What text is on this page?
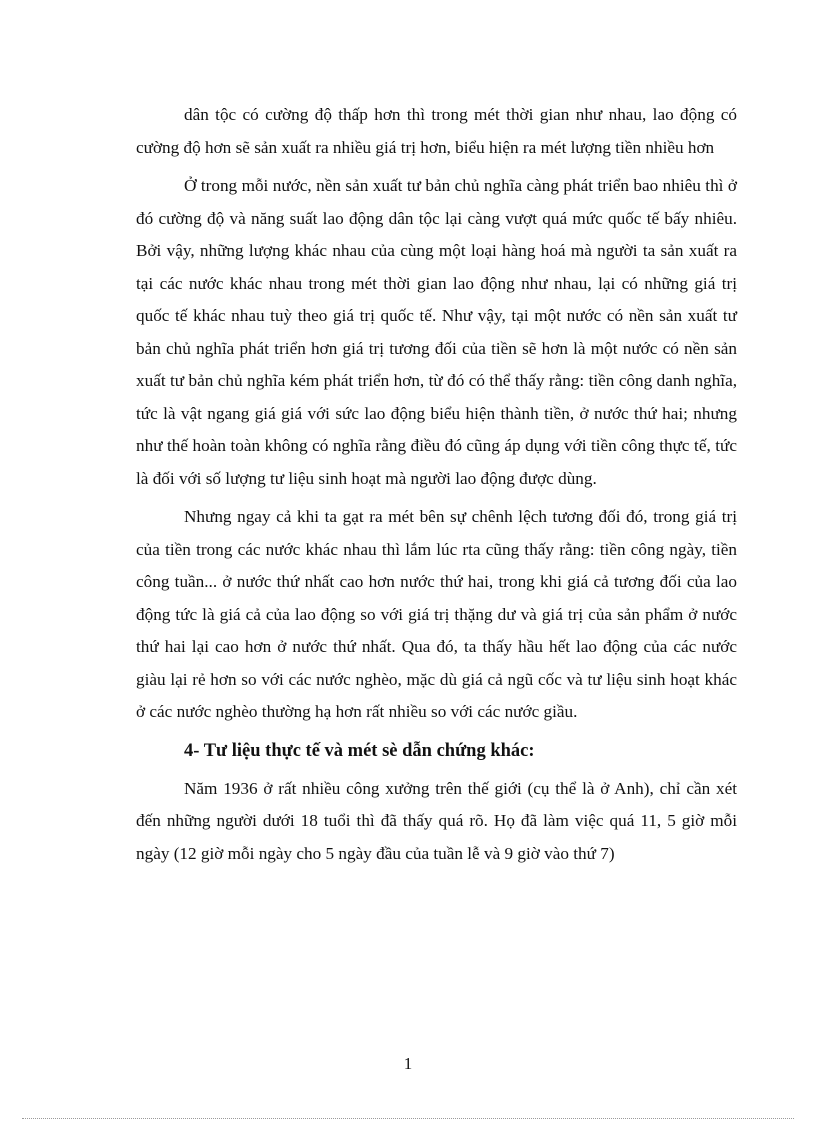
dân tộc có cường độ thấp hơn thì trong mét thời gian như nhau, lao động có cường độ hơn sẽ sản xuất ra nhiều giá trị hơn, biểu hiện ra mét lượng tiền nhiều hơn

Ở trong mỗi nước, nền sản xuất tư bản chủ nghĩa càng phát triển bao nhiêu thì ở đó cường độ và năng suất lao động dân tộc lại càng vượt quá mức quốc tế bấy nhiêu. Bởi vậy, những lượng khác nhau của cùng một loại hàng hoá mà người ta sản xuất ra tại các nước khác nhau trong mét thời gian lao động như nhau, lại có những giá trị quốc tế khác nhau tuỳ theo giá trị quốc tế. Như vậy, tại một nước có nền sản xuất tư bản chủ nghĩa phát triển hơn giá trị tương đối của tiền sẽ hơn là một nước có nền sản xuất tư bản chủ nghĩa kém phát triển hơn, từ đó có thể thấy rằng: tiền công danh nghĩa, tức là vật ngang giá giá với sức lao động biểu hiện thành tiền, ở nước thứ hai; nhưng như thế hoàn toàn không có nghĩa rằng điều đó cũng áp dụng với tiền công thực tế, tức là đối với số lượng tư liệu sinh hoạt mà người lao động được dùng.

Nhưng ngay cả khi ta gạt ra mét bên sự chênh lệch tương đối đó, trong giá trị của tiền trong các nước khác nhau thì lắm lúc rta cũng thấy rằng: tiền công ngày, tiền công tuần... ở nước thứ nhất cao hơn nước thứ hai, trong khi giá cả tương đối của lao động tức là giá cả của lao động so với giá trị thặng dư và giá trị của sản phẩm ở nước thứ hai lại cao hơn ở nước thứ nhất. Qua đó, ta thấy hầu hết lao động của các nước giàu lại rẻ hơn so với các nước nghèo, mặc dù giá cả ngũ cốc và tư liệu sinh hoạt khác ở các nước nghèo thường hạ hơn rất nhiều so với các nước giầu.

4- Tư liệu thực tế và mét sè dẫn chứng khác:

Năm 1936 ở rất nhiều công xưởng trên thế giới (cụ thể là ở Anh), chỉ cần xét đến những người dưới 18 tuổi thì đã thấy quá rõ. Họ đã làm việc quá 11, 5 giờ mỗi ngày (12 giờ mỗi ngày cho 5 ngày đầu của tuần lễ và 9 giờ vào thứ 7)

1
